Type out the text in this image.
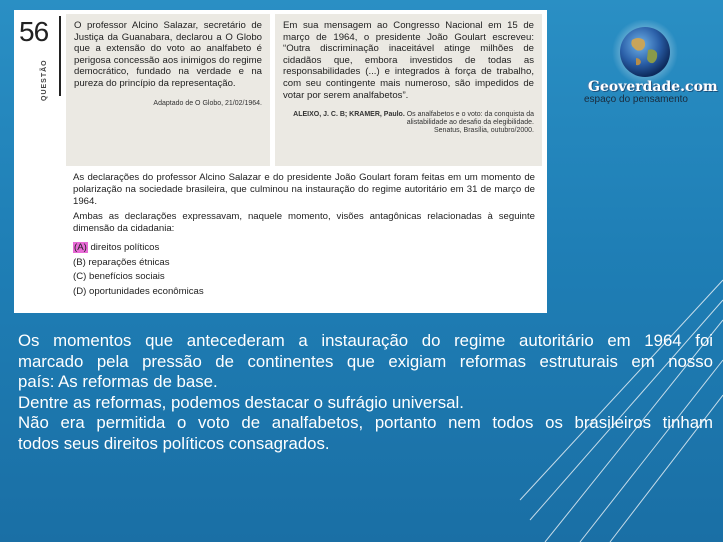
56
QUESTÃO

O professor Alcino Salazar, secretário de Justiça da Guanabara, declarou a O Globo que a extensão do voto ao analfabeto é perigosa concessão aos inimigos do regime democrático, fundado na verdade e na pureza do princípio da representação.

Adaptado de O Globo, 21/02/1964.

Em sua mensagem ao Congresso Nacional em 15 de março de 1964, o presidente João Goulart escreveu: “Outra discriminação inaceitável atinge milhões de cidadãos que, embora investidos de todas as responsabilidades (...) e integrados à força de trabalho, com seu contingente mais numeroso, são impedidos de votar por serem analfabetos”.

ALEIXO, J. C. B; KRAMER, Paulo. Os analfabetos e o voto: da conquista da alistabilidade ao desafio da elegibilidade.
Senatus, Brasília, outubro/2000.

As declarações do professor Alcino Salazar e do presidente João Goulart foram feitas em um momento de polarização na sociedade brasileira, que culminou na instauração do regime autoritário em 31 de março de 1964.

Ambas as declarações expressavam, naquele momento, visões antagônicas relacionadas à seguinte dimensão da cidadania:

(A) direitos políticos
(B) reparações étnicas
(C) benefícios sociais
(D) oportunidades econômicas
Geoverdade.com
espaço do pensamento
Os momentos que antecederam a instauração do regime autoritário em 1964 foi
marcado pela pressão de continentes que exigiam reformas estruturais em nosso
país: As reformas de base.
Dentre as reformas, podemos destacar o sufrágio universal.
Não era permitida o voto de analfabetos, portanto nem todos os brasileiros tinham
todos seus direitos políticos consagrados.
